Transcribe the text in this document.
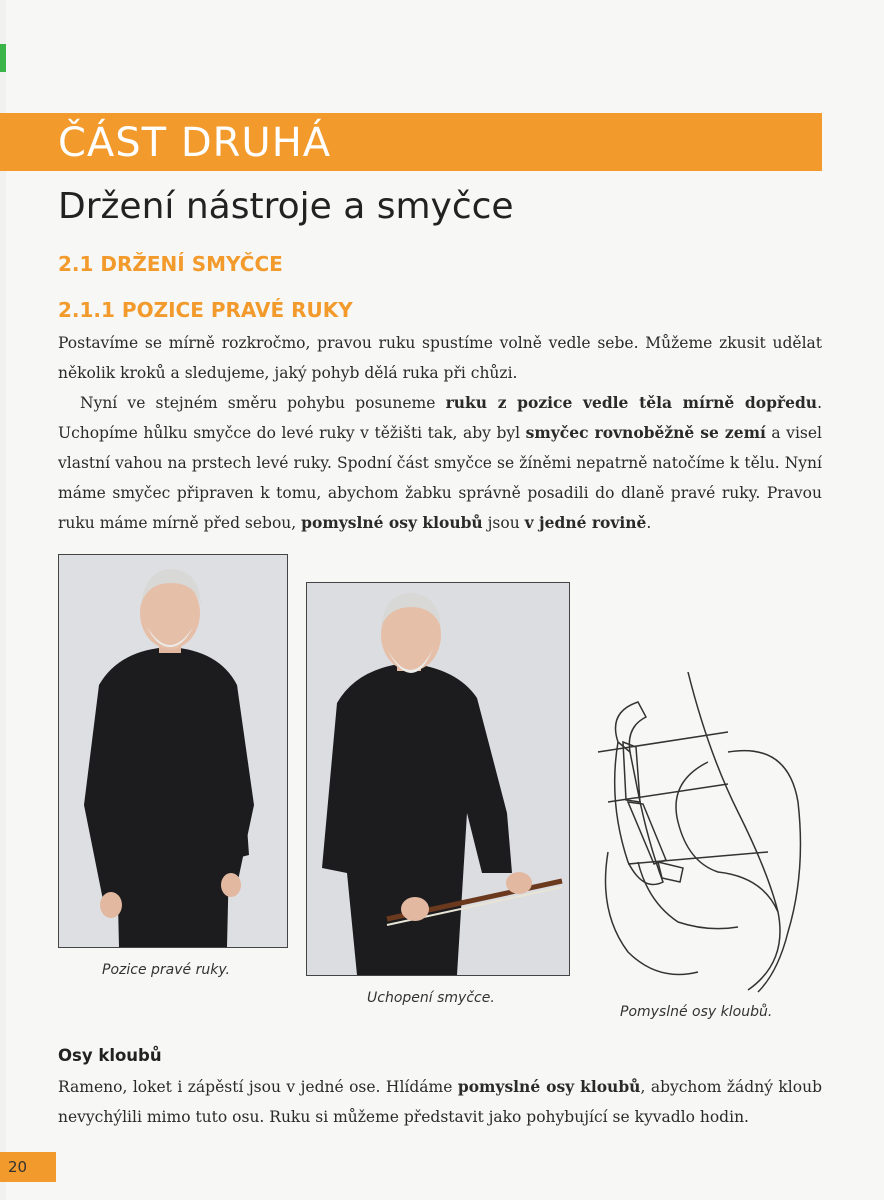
ČÁST DRUHÁ
Držení nástroje a smyčce
2.1 DRŽENÍ SMYČCE
2.1.1 POZICE PRAVÉ RUKY
Postavíme se mírně rozkročmo, pravou ruku spustíme volně vedle sebe. Můžeme zkusit udělat několik kroků a sledujeme, jaký pohyb dělá ruka při chůzi.
Nyní ve stejném směru pohybu posuneme ruku z pozice vedle těla mírně dopředu. Uchopíme hůlku smyčce do levé ruky v těžišti tak, aby byl smyčec rovnoběžně se zemí a visel vlastní vahou na prstech levé ruky. Spodní část smyčce se žíněmi nepatrně natočíme k tělu. Nyní máme smyčec připraven k tomu, abychom žabku správně posadili do dlaně pravé ruky. Pravou ruku máme mírně před sebou, pomyslné osy kloubů jsou v jedné rovině.
Pozice pravé ruky.
Uchopení smyčce.
Pomyslné osy kloubů.
Osy kloubů
Rameno, loket i zápěstí jsou v jedné ose. Hlídáme pomyslné osy kloubů, abychom žádný kloub nevychýlili mimo tuto osu. Ruku si můžeme představit jako pohybující se kyvadlo hodin.
20
